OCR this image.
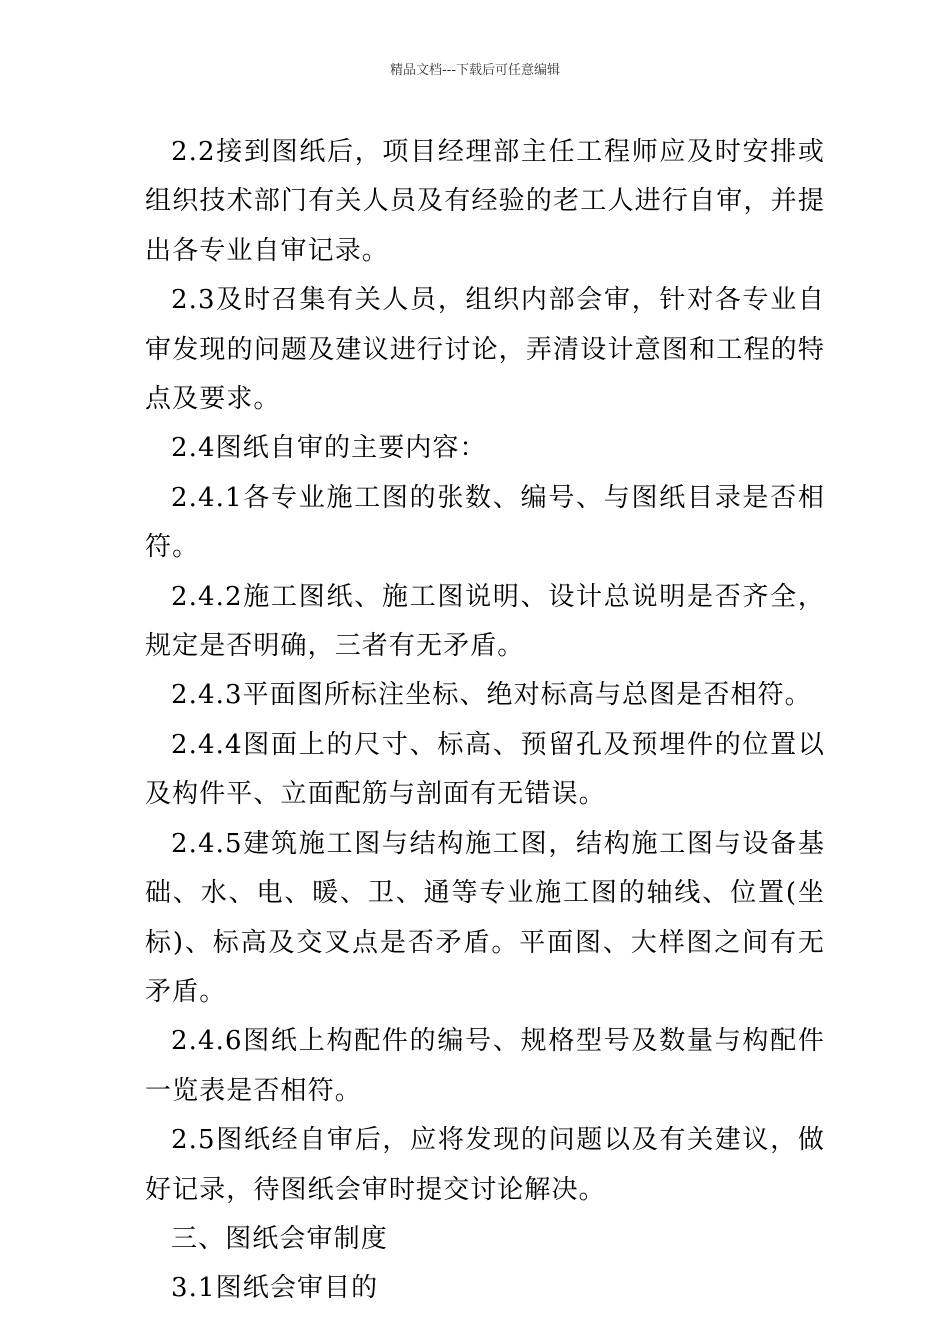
精品文档---下载后可任意编辑

2.2接到图纸后，项目经理部主任工程师应及时安排或组织技术部门有关人员及有经验的老工人进行自审，并提出各专业自审记录。

2.3及时召集有关人员，组织内部会审，针对各专业自审发现的问题及建议进行讨论，弄清设计意图和工程的特点及要求。

2.4图纸自审的主要内容：

2.4.1各专业施工图的张数、编号、与图纸目录是否相符。

2.4.2施工图纸、施工图说明、设计总说明是否齐全，规定是否明确，三者有无矛盾。

2.4.3平面图所标注坐标、绝对标高与总图是否相符。

2.4.4图面上的尺寸、标高、预留孔及预埋件的位置以及构件平、立面配筋与剖面有无错误。

2.4.5建筑施工图与结构施工图，结构施工图与设备基础、水、电、暖、卫、通等专业施工图的轴线、位置(坐标)、标高及交叉点是否矛盾。平面图、大样图之间有无矛盾。

2.4.6图纸上构配件的编号、规格型号及数量与构配件一览表是否相符。

2.5图纸经自审后，应将发现的问题以及有关建议，做好记录，待图纸会审时提交讨论解决。

三、图纸会审制度

3.1图纸会审目的
